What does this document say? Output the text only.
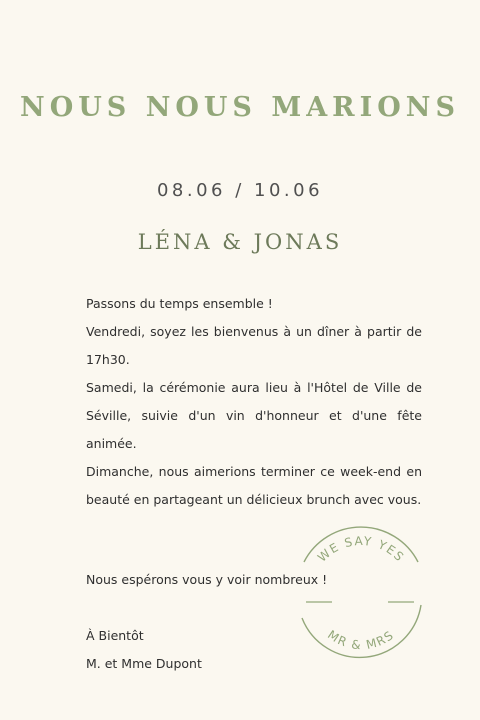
NOUS NOUS MARIONS
08.06 / 10.06
LÉNA & JONAS

Passons du temps ensemble !

Vendredi, soyez les bienvenus à un dîner à partir de 17h30.

Samedi, la cérémonie aura lieu à l'Hôtel de Ville de Séville, suivie d'un vin d'honneur et d'une fête animée.

Dimanche, nous aimerions terminer ce week-end en beauté en partageant un délicieux brunch avec vous.

Nous espérons vous y voir nombreux !

À Bientôt

M. et Mme Dupont

WE SAY YES
MR & MRS
